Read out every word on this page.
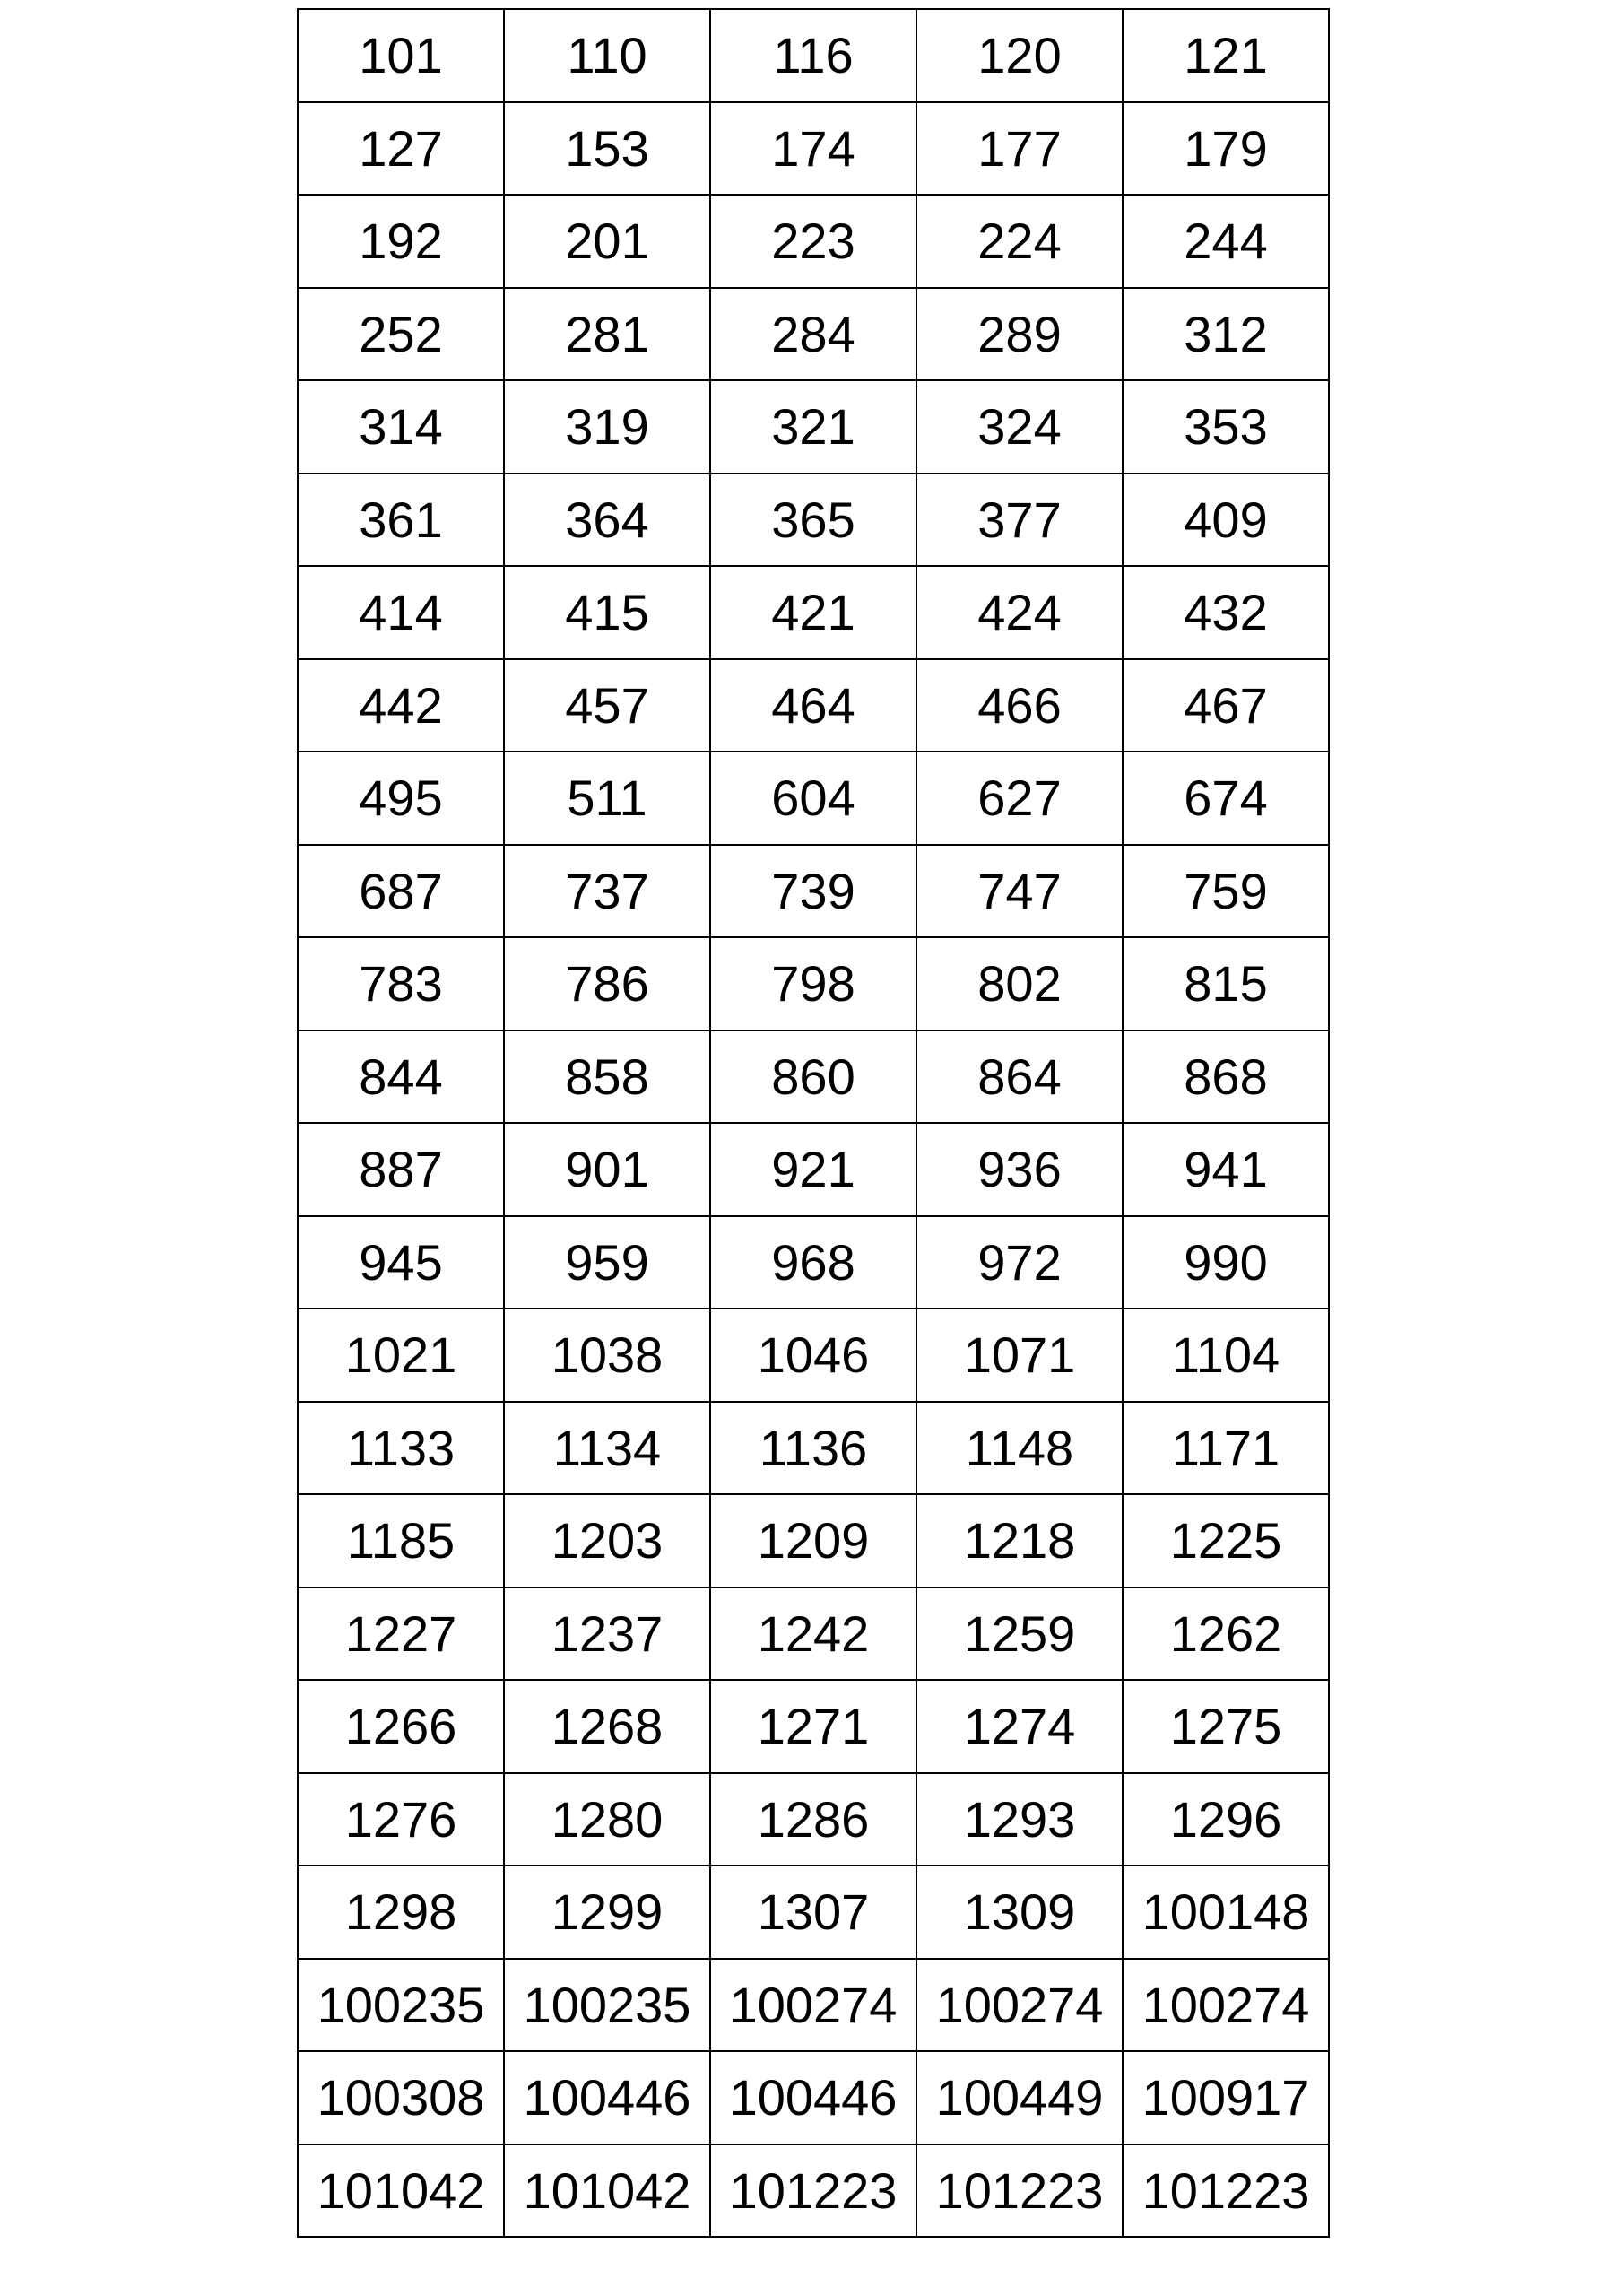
101	110	116	120	121
127	153	174	177	179
192	201	223	224	244
252	281	284	289	312
314	319	321	324	353
361	364	365	377	409
414	415	421	424	432
442	457	464	466	467
495	511	604	627	674
687	737	739	747	759
783	786	798	802	815
844	858	860	864	868
887	901	921	936	941
945	959	968	972	990
1021	1038	1046	1071	1104
1133	1134	1136	1148	1171
1185	1203	1209	1218	1225
1227	1237	1242	1259	1262
1266	1268	1271	1274	1275
1276	1280	1286	1293	1296
1298	1299	1307	1309	100148
100235	100235	100274	100274	100274
100308	100446	100446	100449	100917
101042	101042	101223	101223	101223
